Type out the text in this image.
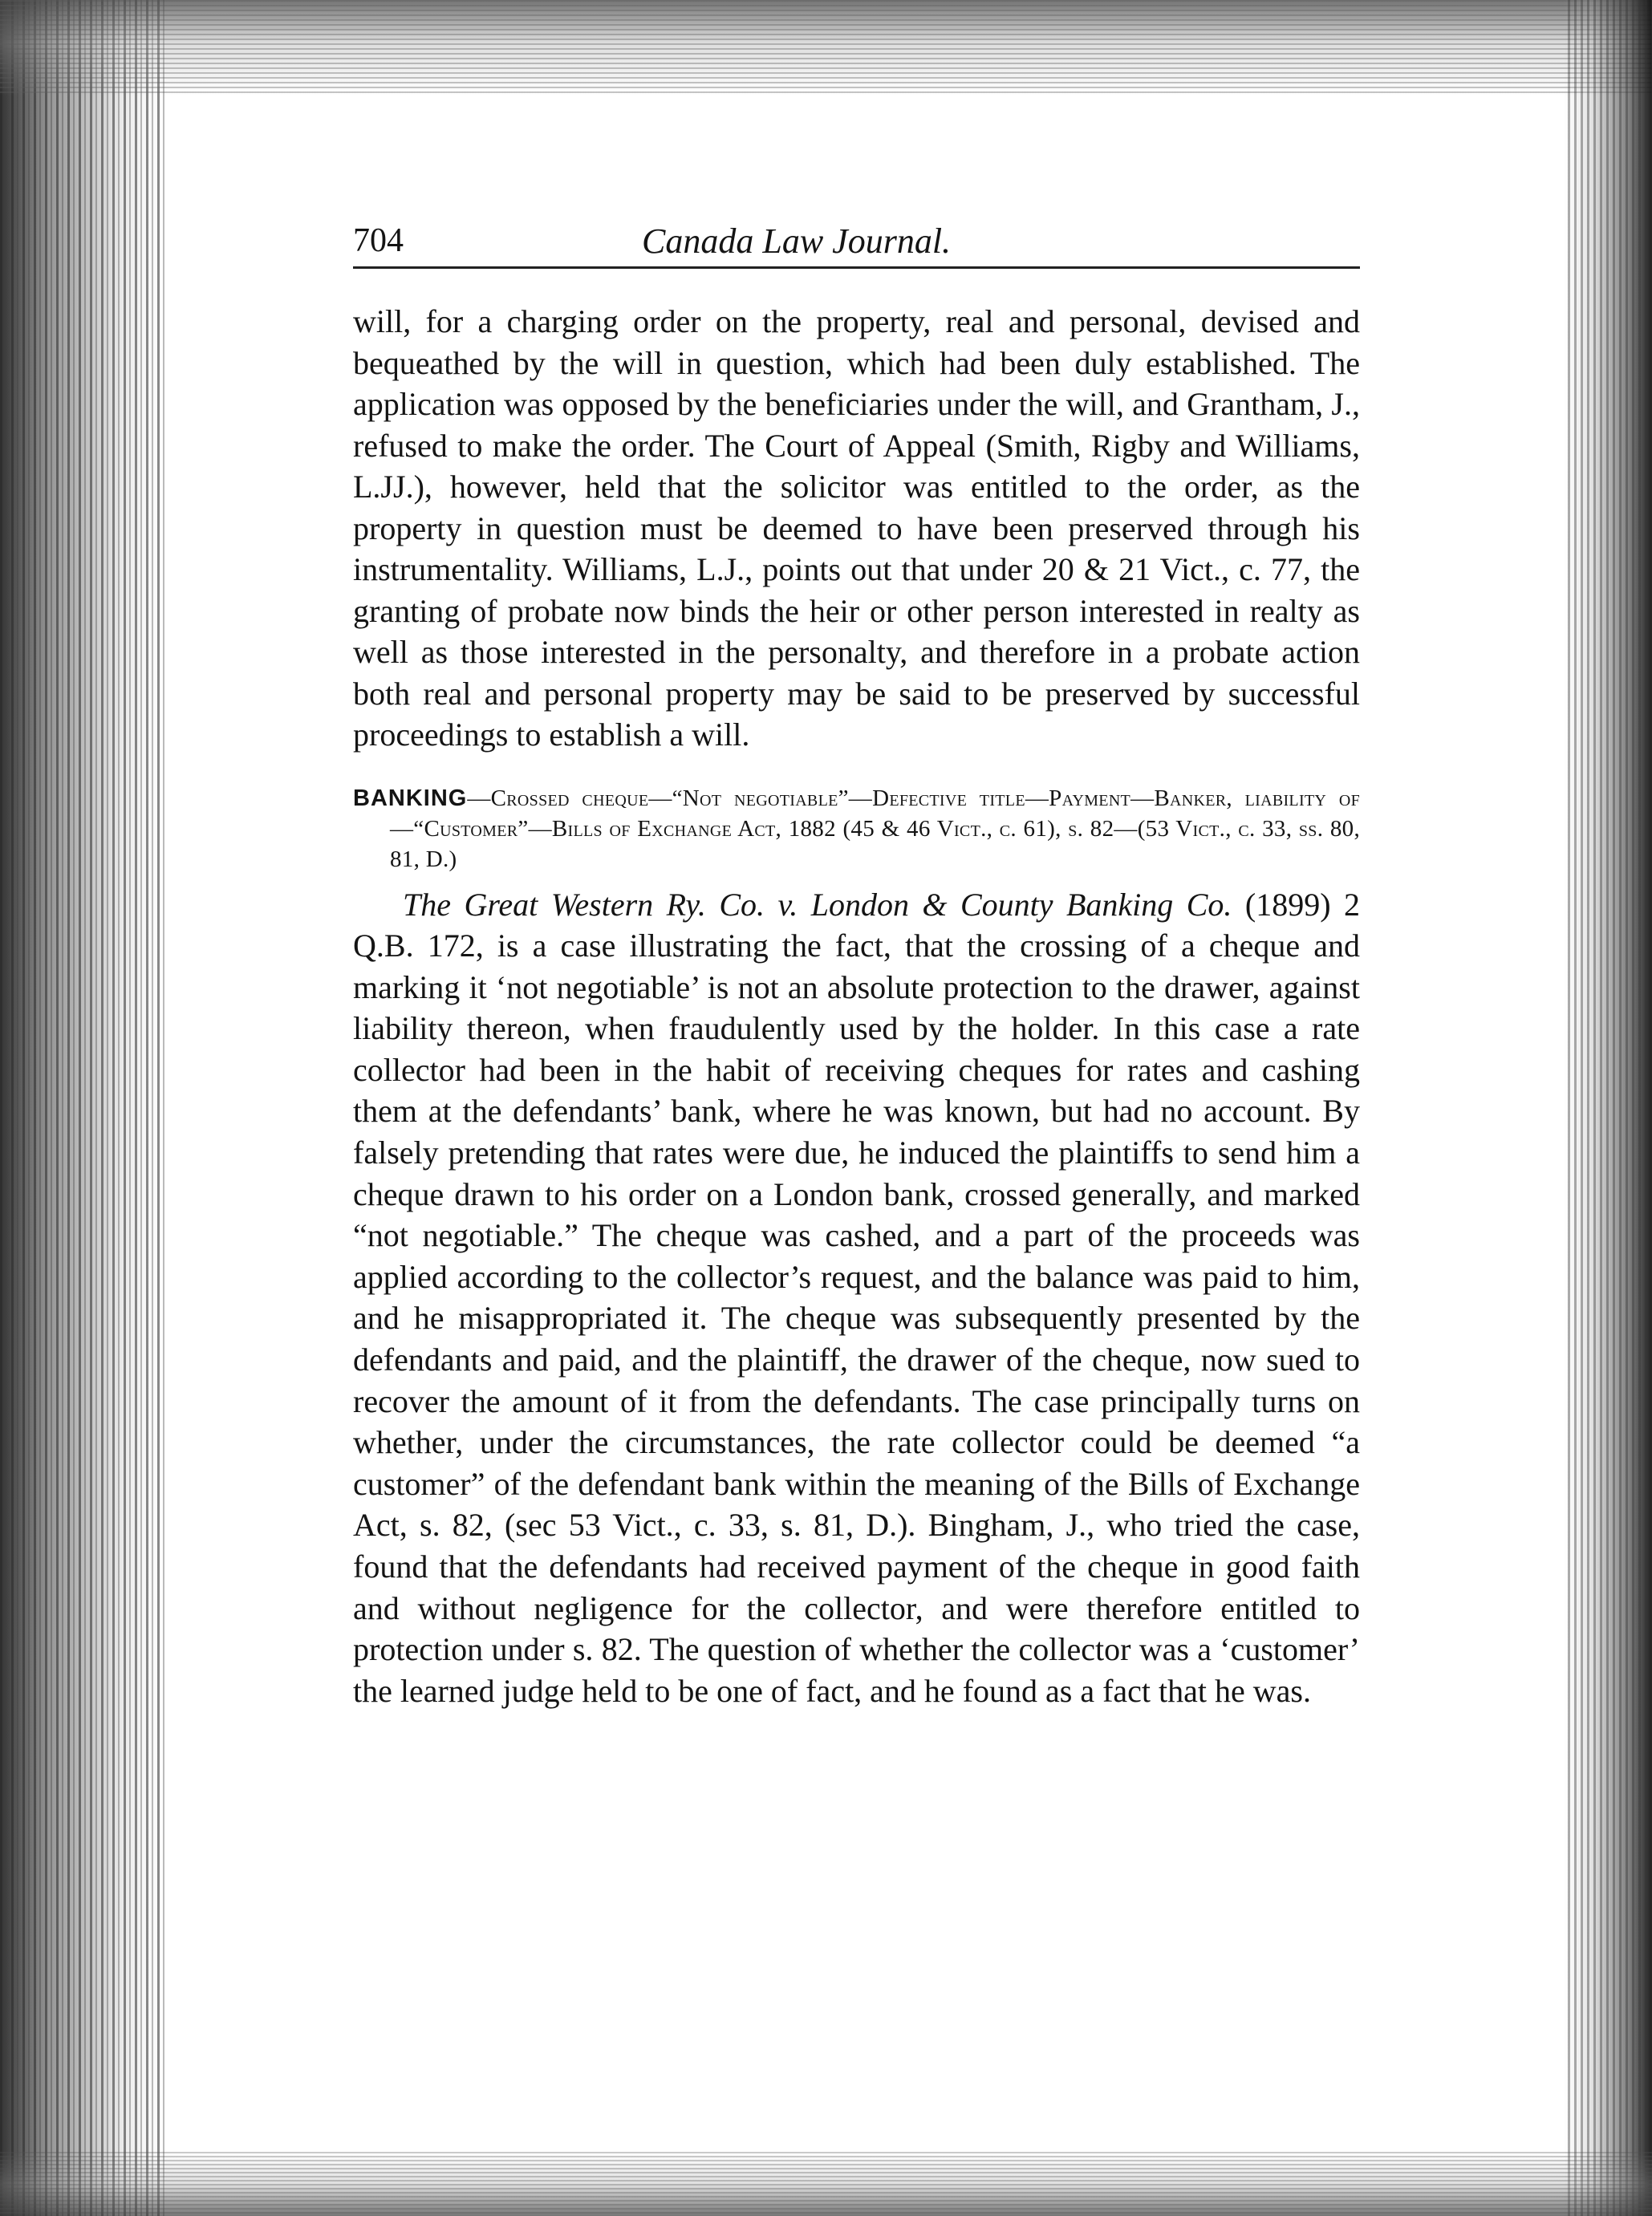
704	Canada Law Journal.

will, for a charging order on the property, real and personal, devised and bequeathed by the will in question, which had been duly established. The application was opposed by the beneficiaries under the will, and Grantham, J., refused to make the order. The Court of Appeal (Smith, Rigby and Williams, L.JJ.), however, held that the solicitor was entitled to the order, as the property in question must be deemed to have been preserved through his instrumentality. Williams, L.J., points out that under 20 & 21 Vict., c. 77, the granting of probate now binds the heir or other person interested in realty as well as those interested in the personalty, and therefore in a probate action both real and personal property may be said to be preserved by successful proceedings to establish a will.

BANKING—Crossed cheque—“Not negotiable”—Defective title—Payment—Banker, liability of—“Customer”—Bills of Exchange Act, 1882 (45 & 46 Vict., c. 61), s. 82—(53 Vict., c. 33, ss. 80, 81, D.)

The Great Western Ry. Co. v. London & County Banking Co. (1899) 2 Q.B. 172, is a case illustrating the fact, that the crossing of a cheque and marking it ‘not negotiable’ is not an absolute protection to the drawer, against liability thereon, when fraudulently used by the holder. In this case a rate collector had been in the habit of receiving cheques for rates and cashing them at the defendants’ bank, where he was known, but had no account. By falsely pretending that rates were due, he induced the plaintiffs to send him a cheque drawn to his order on a London bank, crossed generally, and marked “not negotiable.” The cheque was cashed, and a part of the proceeds was applied according to the collector’s request, and the balance was paid to him, and he misappropriated it. The cheque was subsequently presented by the defendants and paid, and the plaintiff, the drawer of the cheque, now sued to recover the amount of it from the defendants. The case principally turns on whether, under the circumstances, the rate collector could be deemed “a customer” of the defendant bank within the meaning of the Bills of Exchange Act, s. 82, (sec 53 Vict., c. 33, s. 81, D.). Bingham, J., who tried the case, found that the defendants had received payment of the cheque in good faith and without negligence for the collector, and were therefore entitled to protection under s. 82. The question of whether the collector was a ‘customer’ the learned judge held to be one of fact, and he found as a fact that he was.
